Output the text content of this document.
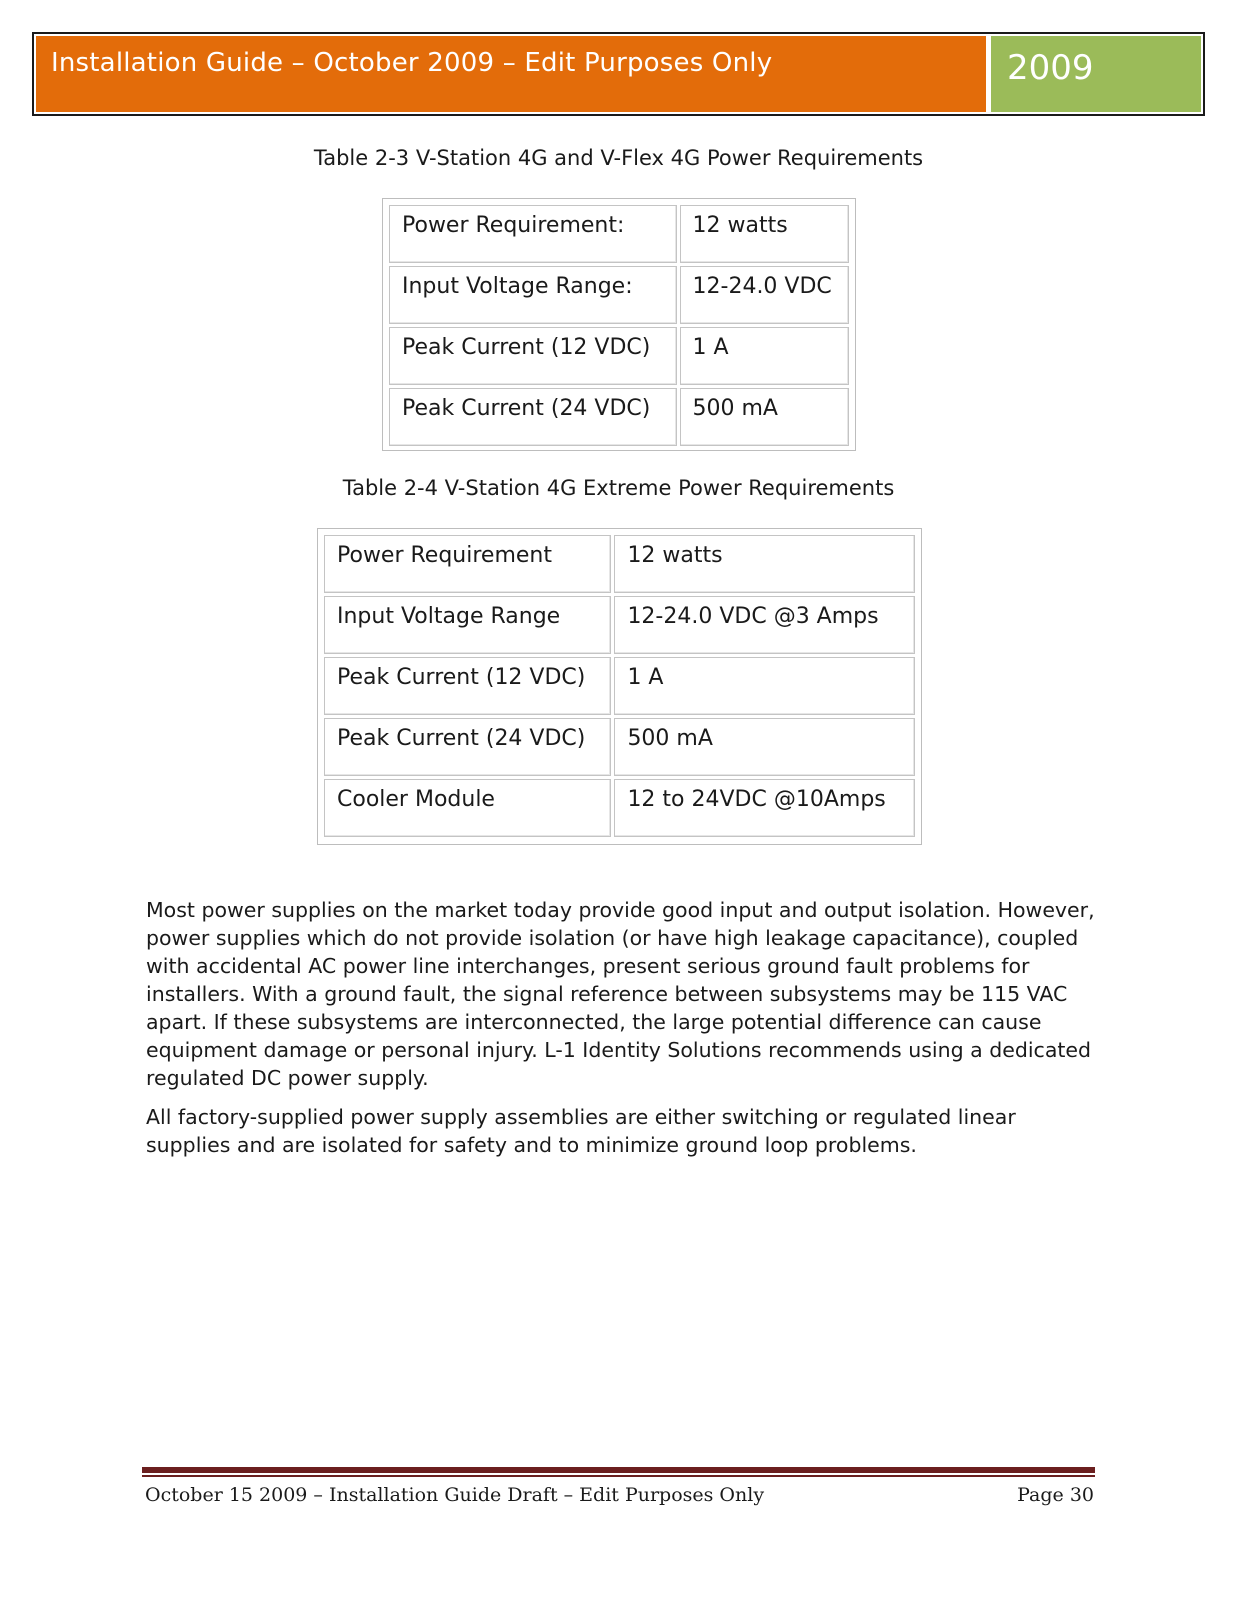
Installation Guide – October 2009 – Edit Purposes Only	2009
Table 2-3 V-Station 4G and V-Flex 4G Power Requirements
Power Requirement:	12 watts
Input Voltage Range:	12-24.0 VDC
Peak Current (12 VDC)	1 A
Peak Current (24 VDC)	500 mA
Table 2-4 V-Station 4G Extreme Power Requirements
Power Requirement	12 watts
Input Voltage Range	12-24.0 VDC @3 Amps
Peak Current (12 VDC)	1 A
Peak Current (24 VDC)	500 mA
Cooler Module	12 to 24VDC @10Amps

Most power supplies on the market today provide good input and output isolation. However, power supplies which do not provide isolation (or have high leakage capacitance), coupled with accidental AC power line interchanges, present serious ground fault problems for installers. With a ground fault, the signal reference between subsystems may be 115 VAC apart. If these subsystems are interconnected, the large potential difference can cause equipment damage or personal injury. L-1 Identity Solutions recommends using a dedicated regulated DC power supply.

All factory-supplied power supply assemblies are either switching or regulated linear supplies and are isolated for safety and to minimize ground loop problems.

October 15 2009 – Installation Guide Draft – Edit Purposes Only	Page 30
